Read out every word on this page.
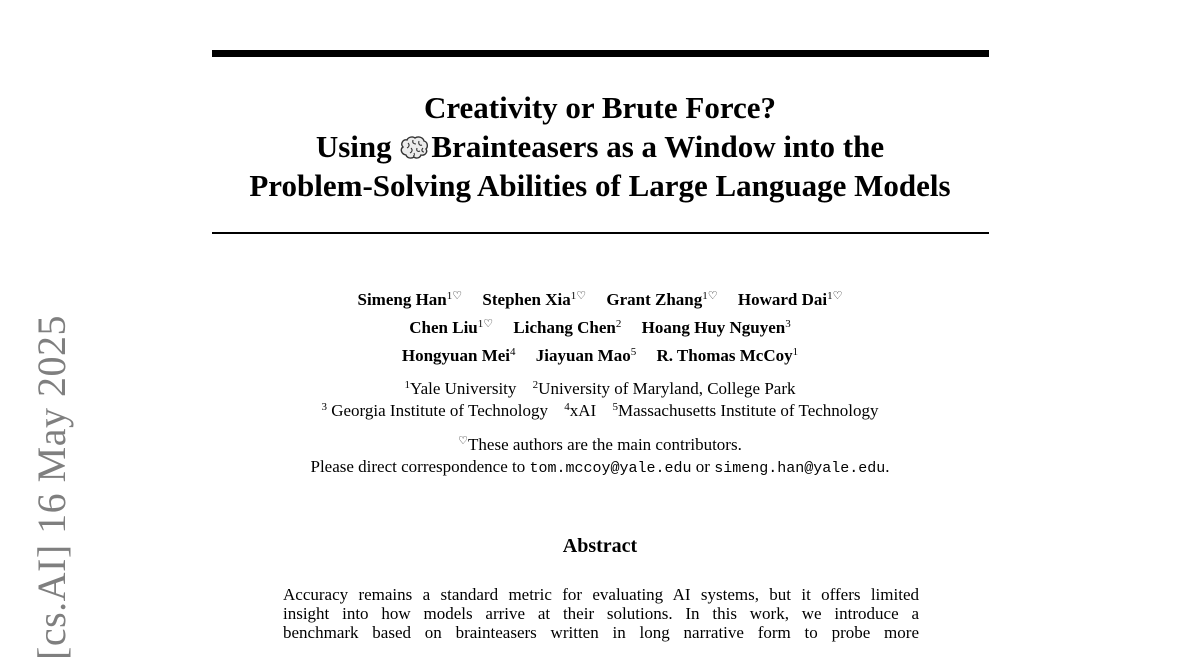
[cs.AI] 16 May 2025
Creativity or Brute Force?
Using Brainteasers as a Window into the
Problem-Solving Abilities of Large Language Models
Simeng Han$^{1♡}$ Stephen Xia$^{1♡}$ Grant Zhang$^{1♡}$ Howard Dai$^{1♡}$
Chen Liu$^{1♡}$ Lichang Chen$^2$ Hoang Huy Nguyen$^3$
Hongyuan Mei$^4$ Jiayuan Mao$^5$ R. Thomas McCoy$^1$
$^1$Yale University $^2$University of Maryland, College Park
$^3$ Georgia Institute of Technology $^4$xAI $^5$Massachusetts Institute of Technology
♡These authors are the main contributors.
Please direct correspondence to tom.mccoy@yale.edu or simeng.han@yale.edu.
Abstract
Accuracy remains a standard metric for evaluating AI systems, but it offers limited
insight into how models arrive at their solutions. In this work, we introduce a
benchmark based on brainteasers written in long narrative form to probe more
